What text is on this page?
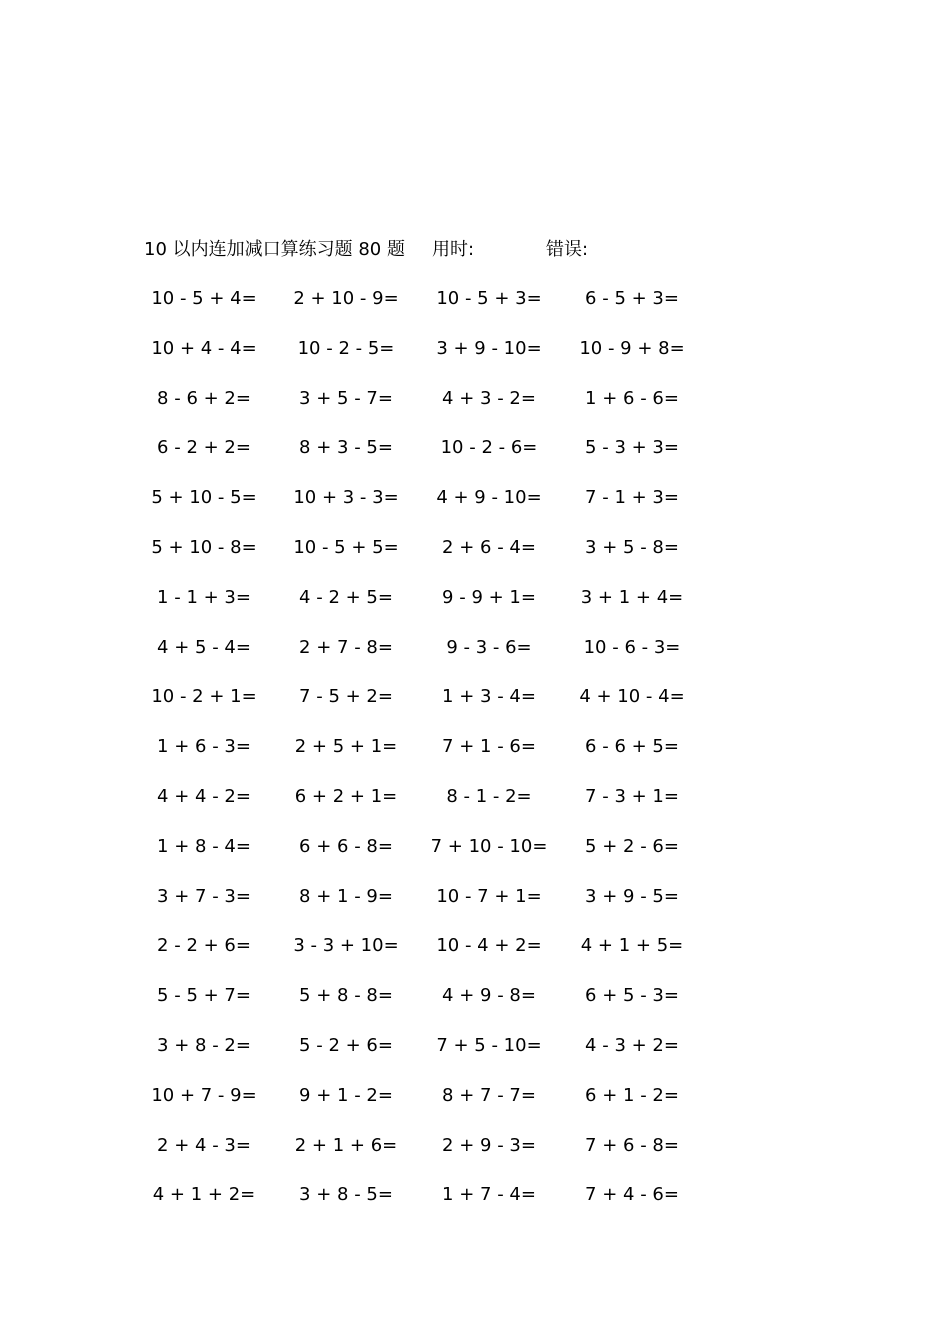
10 以内连加减口算练习题 80 题 用时:	错误:
10 - 5 + 4=	2 + 10 - 9=	10 - 5 + 3=	6 - 5 + 3=
10 + 4 - 4=	10 - 2 - 5=	3 + 9 - 10=	10 - 9 + 8=
8 - 6 + 2=	3 + 5 - 7=	4 + 3 - 2=	1 + 6 - 6=
6 - 2 + 2=	8 + 3 - 5=	10 - 2 - 6=	5 - 3 + 3=
5 + 10 - 5=	10 + 3 - 3=	4 + 9 - 10=	7 - 1 + 3=
5 + 10 - 8=	10 - 5 + 5=	2 + 6 - 4=	3 + 5 - 8=
1 - 1 + 3=	4 - 2 + 5=	9 - 9 + 1=	3 + 1 + 4=
4 + 5 - 4=	2 + 7 - 8=	9 - 3 - 6=	10 - 6 - 3=
10 - 2 + 1=	7 - 5 + 2=	1 + 3 - 4=	4 + 10 - 4=
1 + 6 - 3=	2 + 5 + 1=	7 + 1 - 6=	6 - 6 + 5=
4 + 4 - 2=	6 + 2 + 1=	8 - 1 - 2=	7 - 3 + 1=
1 + 8 - 4=	6 + 6 - 8=	7 + 10 - 10=	5 + 2 - 6=
3 + 7 - 3=	8 + 1 - 9=	10 - 7 + 1=	3 + 9 - 5=
2 - 2 + 6=	3 - 3 + 10=	10 - 4 + 2=	4 + 1 + 5=
5 - 5 + 7=	5 + 8 - 8=	4 + 9 - 8=	6 + 5 - 3=
3 + 8 - 2=	5 - 2 + 6=	7 + 5 - 10=	4 - 3 + 2=
10 + 7 - 9=	9 + 1 - 2=	8 + 7 - 7=	6 + 1 - 2=
2 + 4 - 3=	2 + 1 + 6=	2 + 9 - 3=	7 + 6 - 8=
4 + 1 + 2=	3 + 8 - 5=	1 + 7 - 4=	7 + 4 - 6=
